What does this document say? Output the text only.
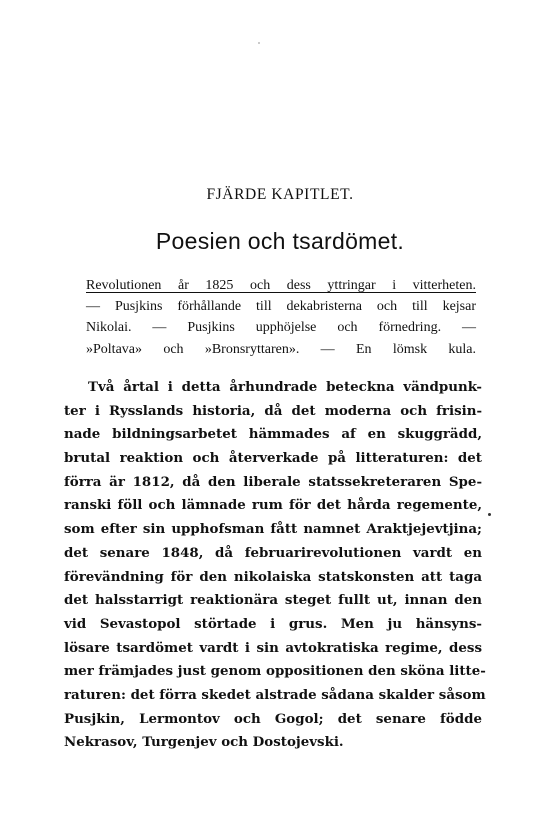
FJÄRDE KAPITLET.
Poesien och tsardömet.
Revolutionen år 1825 och dess yttringar i vitterheten.
— Pusjkins förhållande till dekabristerna och till kejsar
Nikolai. — Pusjkins upphöjelse och förnedring. —
»Poltava» och »Bronsryttaren». — En lömsk kula.
Två årtal i detta århundrade beteckna vändpunk-
ter i Rysslands historia, då det moderna och frisin-
nade bildningsarbetet hämmades af en skuggrädd,
brutal reaktion och återverkade på litteraturen: det
förra är 1812, då den liberale statssekreteraren Spe-
ranski föll och lämnade rum för det hårda regemente,
som efter sin upphofsman fått namnet Araktjejevtjina;
det senare 1848, då februarirevolutionen vardt en
förevändning för den nikolaiska statskonsten att taga
det halsstarrigt reaktionära steget fullt ut, innan den
vid Sevastopol störtade i grus. Men ju hänsyns-
lösare tsardömet vardt i sin avtokratiska regime, dess
mer främjades just genom oppositionen den sköna litte-
raturen: det förra skedet alstrade sådana skalder såsom
Pusjkin, Lermontov och Gogol; det senare födde
Nekrasov, Turgenjev och Dostojevski.
